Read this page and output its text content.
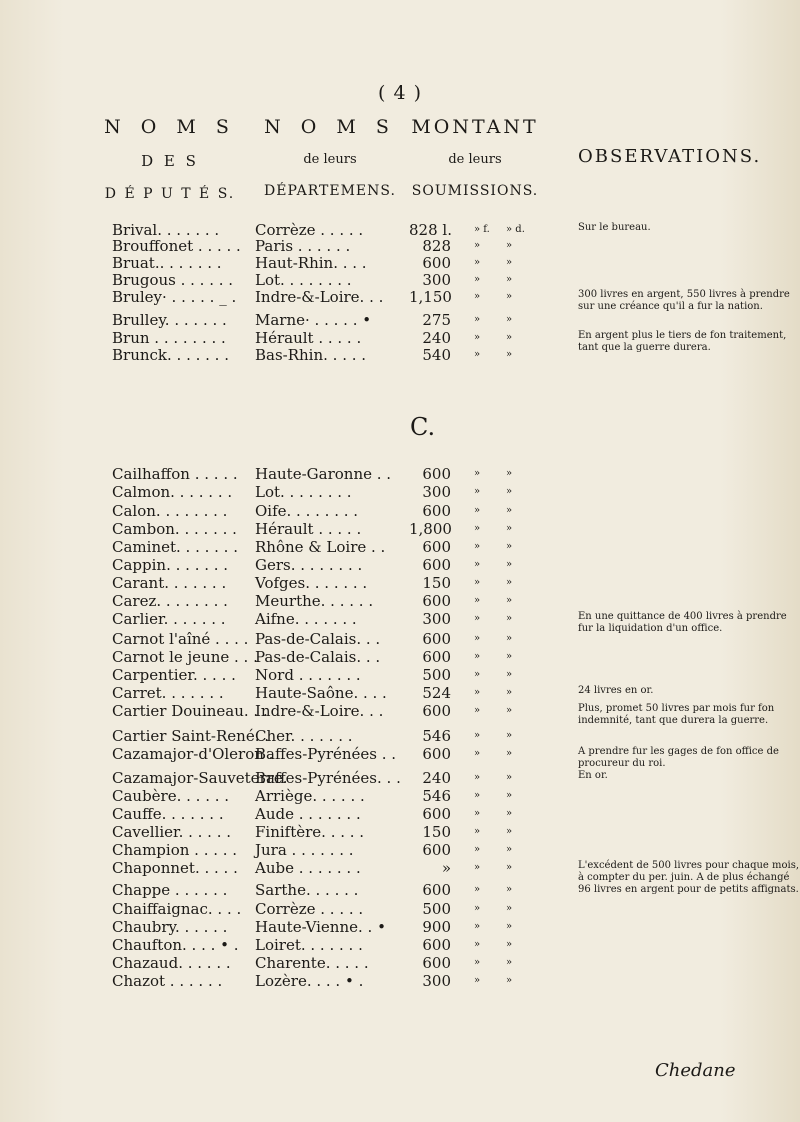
( 4 )
N O M S
D E S
D É P U T É S.
N O M S
de leurs
DÉPARTEMENS.
MONTANT
de leurs
SOUMISSIONS.
OBSERVATIONS.
C.
Brival. . . . . . . Corrèze . . . . .	828 l. » f. » d.	Sur le bureau.
Brouffonet . . . . . Paris . . . . . .	828 »	»
Bruat.. . . . . . . Haut-Rhin. . . .	600 »	»
Brugous . . . . . . Lot. . . . . . . .	300 »	»
Bruley· . . . . . _ . Indre-&-Loire. . . 1,150 »	»	300 livres en argent, 550 livres à prendre sur une créance qu'il a fur la nation.
Brulley. . . . . . . Marne· . . . . . •	275 »	»
Brun . . . . . . . . Hérault . . . . .	240 »	»	En argent plus le tiers de fon traitement, tant que la guerre durera.
Brunck. . . . . . . Bas-Rhin. . . . .	540 »	»
Cailhaffon . . . . . Haute-Garonne . .	600 »	»
Calmon. . . . . . . Lot. . . . . . . .	300 »	»
Calon. . . . . . . . Oife. . . . . . . .	600 »	»
Cambon. . . . . . . Hérault . . . . .	1,800 »	»
Caminet. . . . . . . Rhône & Loire . .	600 »	»
Cappin. . . . . . . Gers. . . . . . . .	600 »	»
Carant. . . . . . . Vofges. . . . . . .	150 »	»
Carez. . . . . . . . Meurthe. . . . . .	600 »	»
Carlier. . . . . . . Aifne. . . . . . .	300 »	»	En une quittance de 400 livres à prendre fur la liquidation d'un office.
Carnot l'aîné . . . . Pas-de-Calais. . .	600 »	»
Carnot le jeune . . .
Pas-de-Calais. . .	600 »	»
Carpentier. . . . . Nord . . . . . . .	500 »	»
Carret. . . . . . . Haute-Saône. . . .	524 »	»	24 livres en or.
Cartier Douineau. . .
Indre-&-Loire. . .	600 »	»	Plus, promet 50 livres par mois fur fon indemnité, tant que durera la guerre.
Cartier Saint-René. .
Cher. . . . . . .	546 »	»
Cazamajor-d'Oleron .
Baffes-Pyrénées . .	600 »	»	A prendre fur les gages de fon office de procureur du roi.
Cazamajor-Sauveterre.
Baffes-Pyrénées. . .	240 »	»	En or.
Caubère. . . . . . Arriège. . . . . .	546 »	»
Cauffe. . . . . . . Aude . . . . . . .	600 »	»
Cavellier. . . . . . Finiftère. . . . .	150 »	»
Champion . . . . . Jura . . . . . . .	600 »	»
Chaponnet. . . . . Aube . . . . . . .	» »	»	L'excédent de 500 livres pour chaque mois, à compter du per. juin. A de plus échangé 96 livres en argent pour de petits affignats.
Chappe . . . . . . Sarthe. . . . . .	600 »	»
Chaiffaignac. . . . Corrèze . . . . .	500 »	»
Chaubry. . . . . . Haute-Vienne. . •	900 »	»
Chaufton. . . . • . Loiret. . . . . . .	600 »	»
Chazaud. . . . . . Charente. . . . .	600 »	»
Chazot . . . . . . Lozère. . . . • .	300 »	»
Chedane
